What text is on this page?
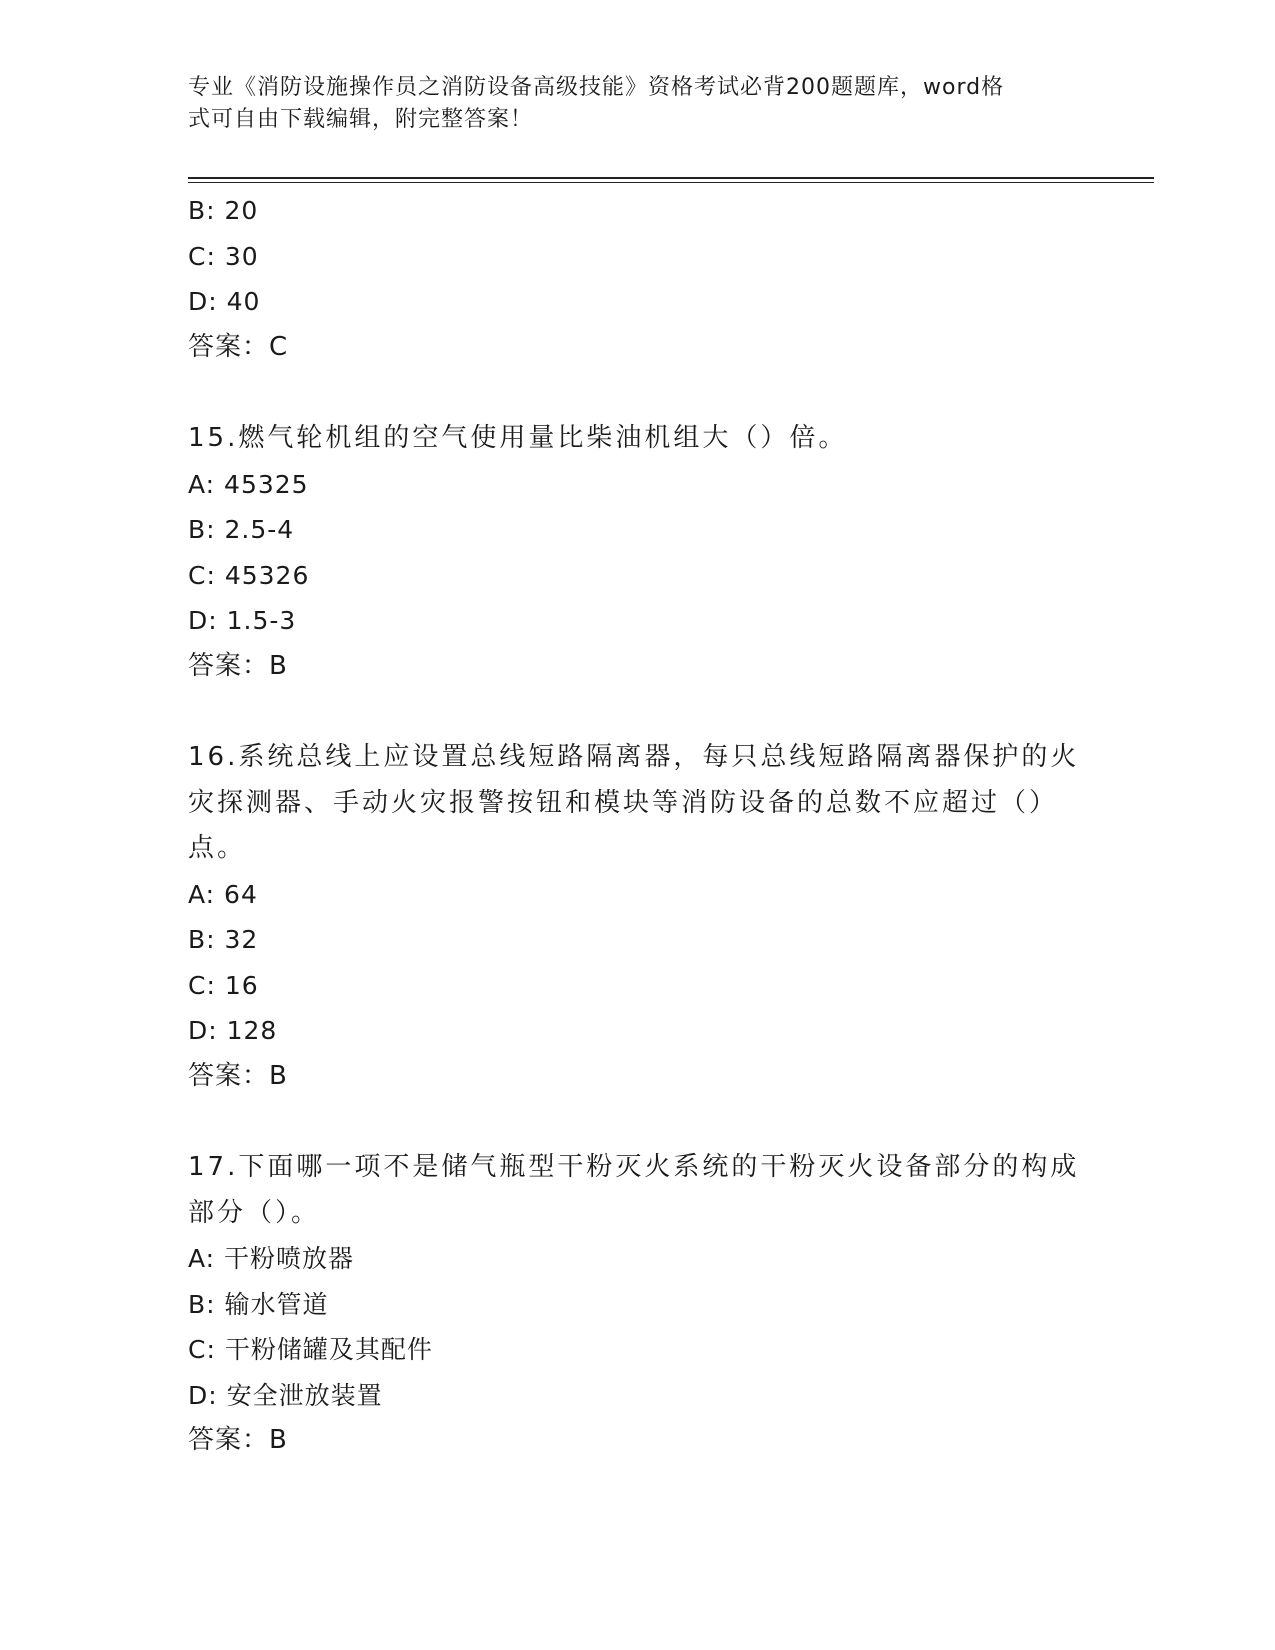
专业《消防设施操作员之消防设备高级技能》资格考试必背200题题库，word格
式可自由下载编辑，附完整答案！
B: 20
C: 30
D: 40
答案：C
15.燃气轮机组的空气使用量比柴油机组大（）倍。
A: 45325
B: 2.5-4
C: 45326
D: 1.5-3
答案：B
16.系统总线上应设置总线短路隔离器，每只总线短路隔离器保护的火
灾探测器、手动火灾报警按钮和模块等消防设备的总数不应超过（）
点。
A: 64
B: 32
C: 16
D: 128
答案：B
17.下面哪一项不是储气瓶型干粉灭火系统的干粉灭火设备部分的构成
部分（）。
A: 干粉喷放器
B: 输水管道
C: 干粉储罐及其配件
D: 安全泄放装置
答案：B
